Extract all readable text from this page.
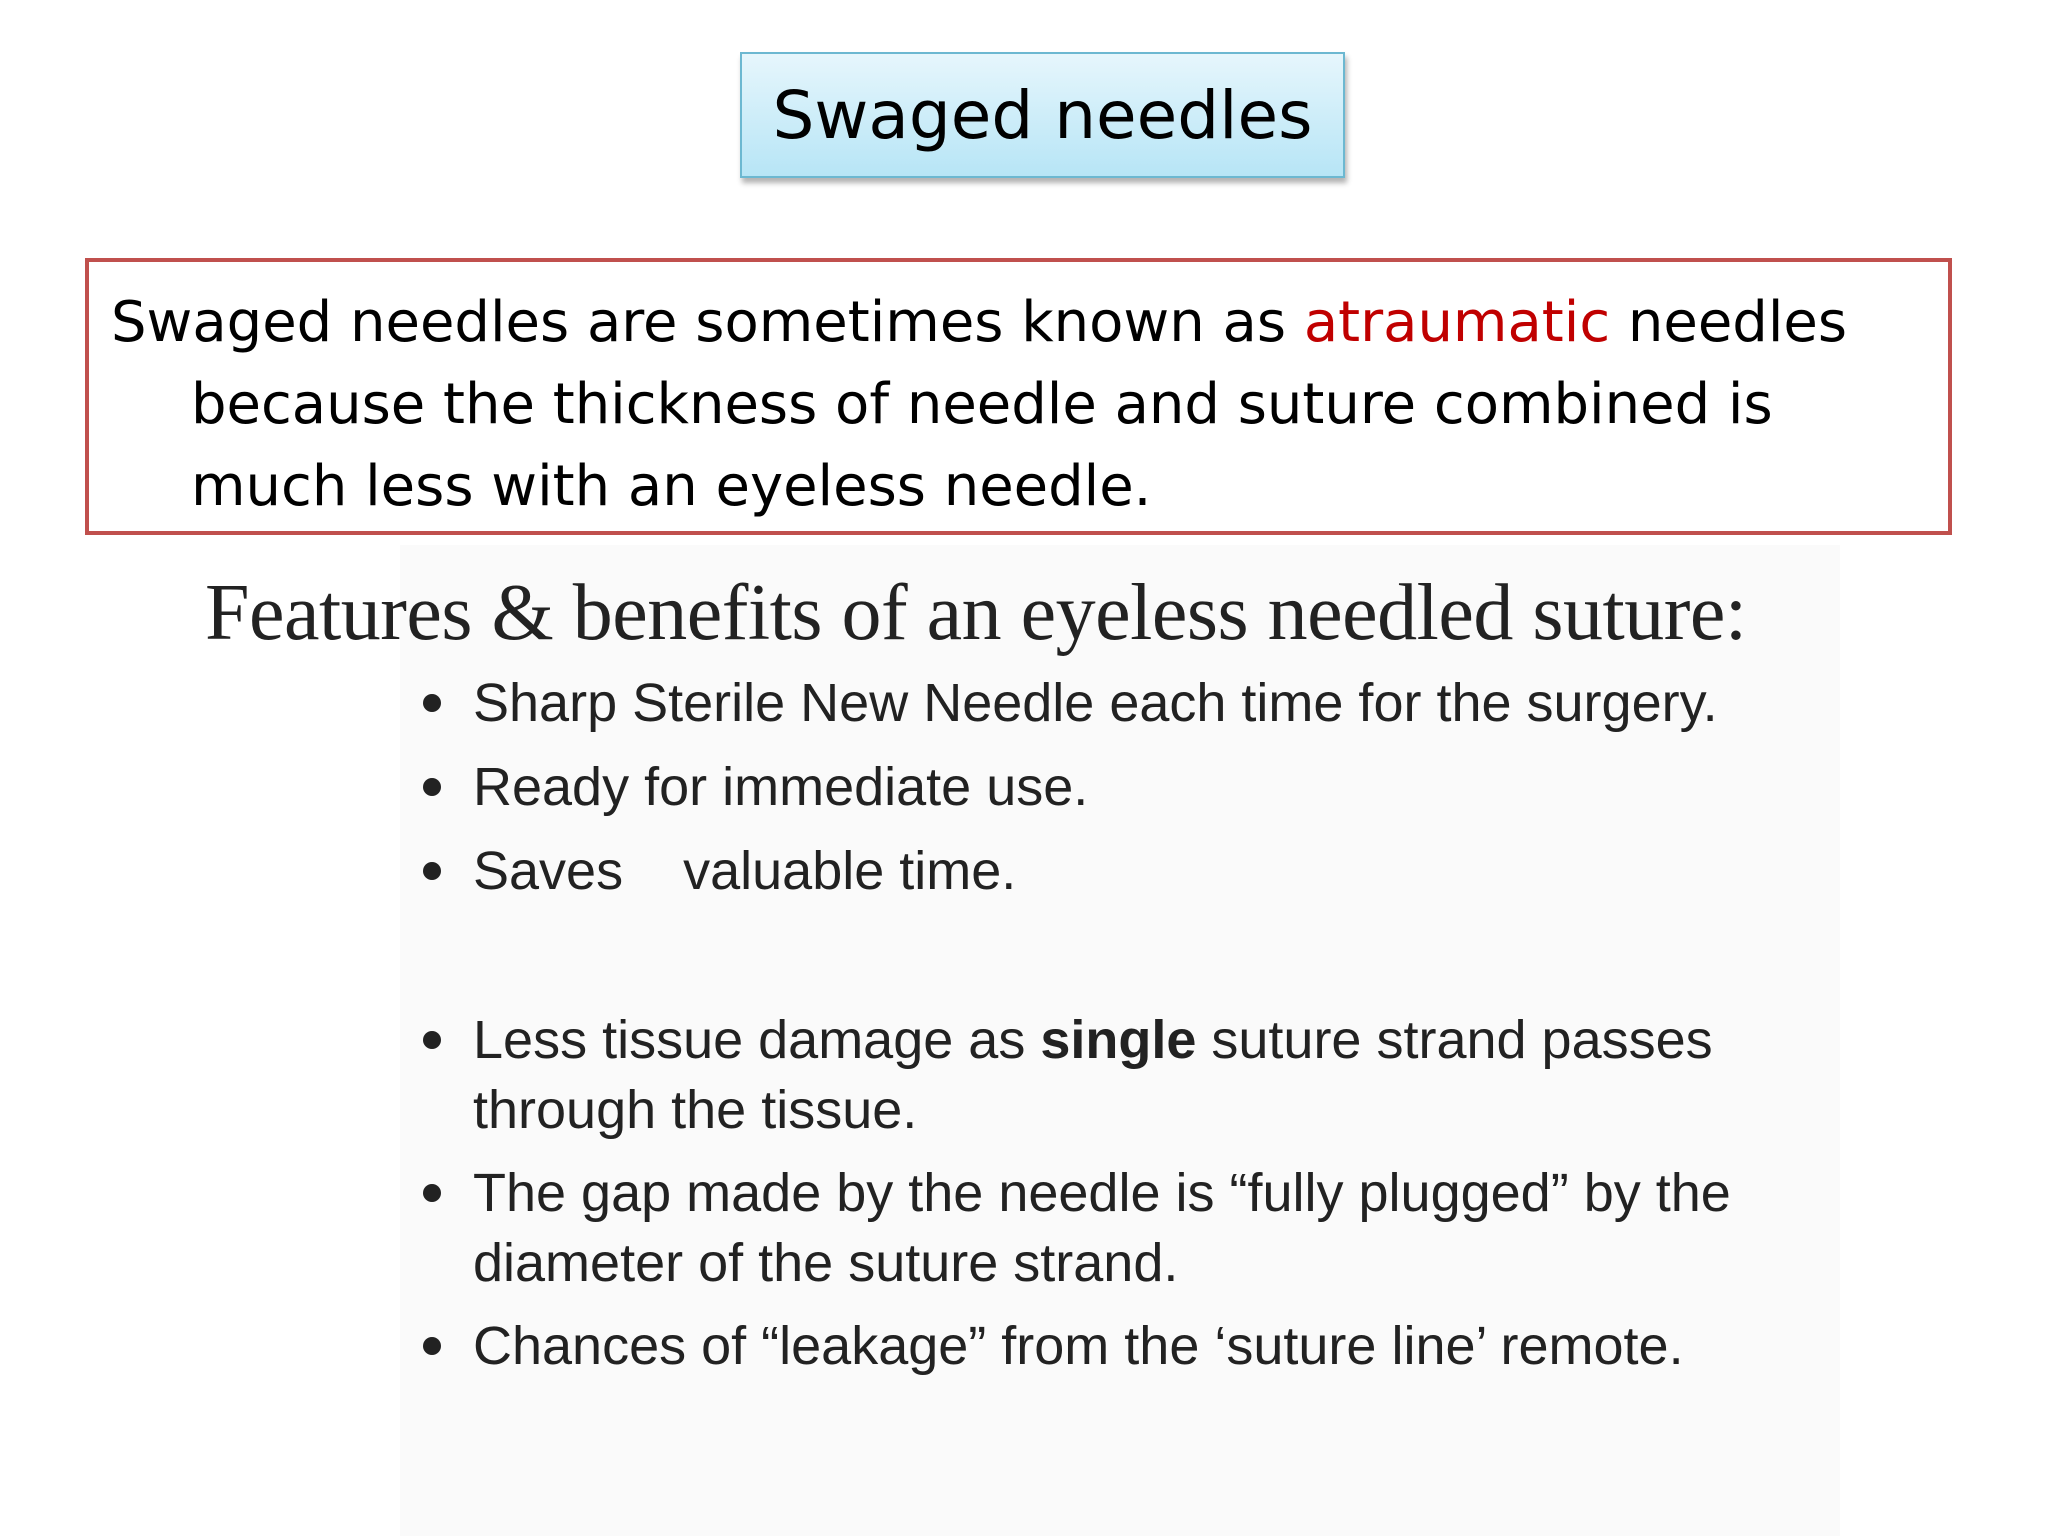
Swaged needles
Swaged needles are sometimes known as atraumatic needles because the thickness of needle and suture combined is much less with an eyeless needle.
Features & benefits of an eyeless needled suture:
Sharp Sterile New Needle each time for the surgery.
Ready for immediate use.
Saves valuable time.
Less tissue damage as single suture strand passes through the tissue.
The gap made by the needle is “fully plugged” by the diameter of the suture strand.
Chances of “leakage” from the ‘suture line’ remote.
